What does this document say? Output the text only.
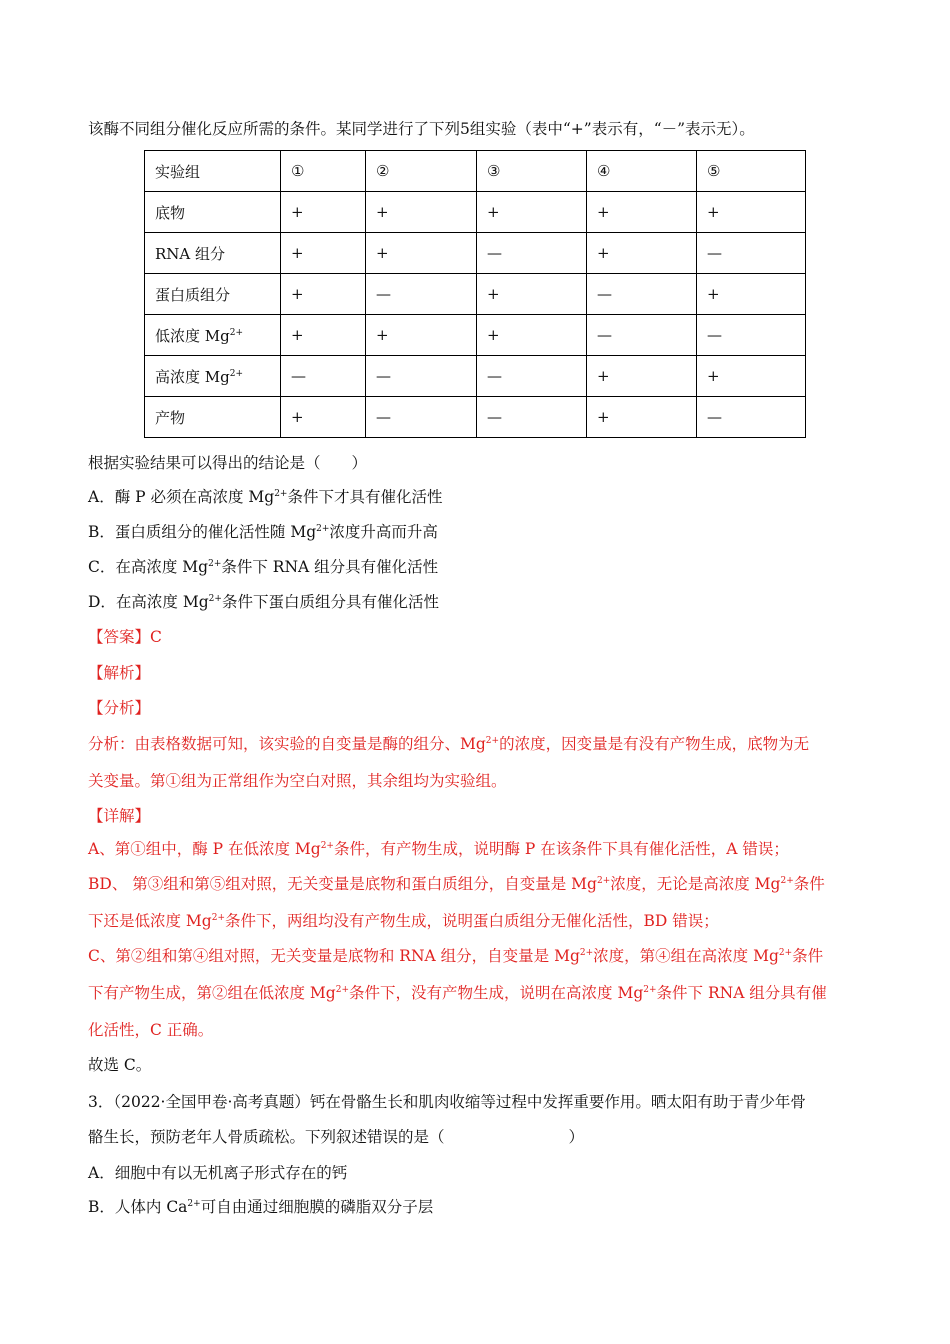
该酶不同组分催化反应所需的条件。某同学进行了下列5组实验（表中“+”表示有，“－”表示无）。
实验组	①	②	③	④	⑤
底物	+	+	+	+	+
RNA 组分	+	+	—	+	—
蛋白质组分	+	—	+	—	+
低浓度 $Mg^{2+}$	+	+	+	—	—
高浓度 $Mg^{2+}$	—	—	—	+	+
产物	+	—	—	+	—
根据实验结果可以得出的结论是（　　）
A．酶 P 必须在高浓度 $Mg^{2+}$条件下才具有催化活性
B．蛋白质组分的催化活性随 $Mg^{2+}$浓度升高而升高
C．在高浓度 $Mg^{2+}$条件下 RNA 组分具有催化活性
D．在高浓度 $Mg^{2+}$条件下蛋白质组分具有催化活性
【答案】C
【解析】
【分析】
分析：由表格数据可知，该实验的自变量是酶的组分、$Mg^{2+}$的浓度，因变量是有没有产物生成，底物为无
关变量。第①组为正常组作为空白对照，其余组均为实验组。
【详解】
A、第①组中，酶 P 在低浓度 $Mg^{2+}$条件，有产物生成，说明酶 P 在该条件下具有催化活性，A 错误；
BD、 第③组和第⑤组对照，无关变量是底物和蛋白质组分，自变量是 $Mg^{2+}$浓度，无论是高浓度 $Mg^{2+}$条件
下还是低浓度 $Mg^{2+}$条件下，两组均没有产物生成，说明蛋白质组分无催化活性，BD 错误；
C、第②组和第④组对照，无关变量是底物和 RNA 组分，自变量是 $Mg^{2+}$浓度，第④组在高浓度 $Mg^{2+}$条件
下有产物生成，第②组在低浓度 $Mg^{2+}$条件下，没有产物生成，说明在高浓度 $Mg^{2+}$条件下 RNA 组分具有催
化活性，C 正确。
故选 C。
3．（2022·全国甲卷·高考真题）钙在骨骼生长和肌肉收缩等过程中发挥重要作用。晒太阳有助于青少年骨
骼生长，预防老年人骨质疏松。下列叙述错误的是（　　　　　　　　）
A．细胞中有以无机离子形式存在的钙
B．人体内 $Ca^{2+}$可自由通过细胞膜的磷脂双分子层
